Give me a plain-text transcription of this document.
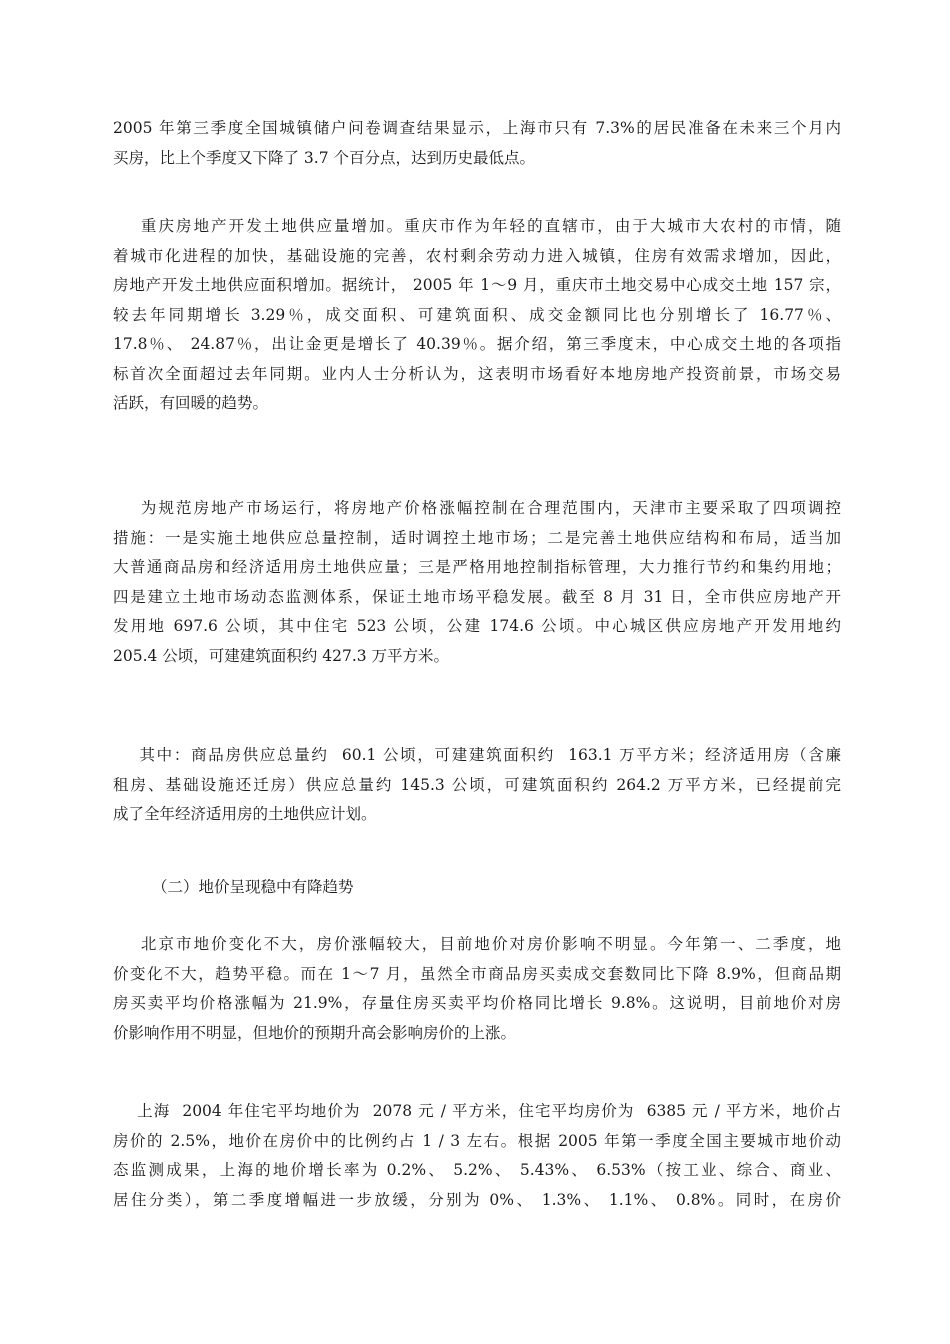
2005 年第三季度全国城镇储户问卷调查结果显示，上海市只有 7.3%的居民准备在未来三个月内
买房，比上个季度又下降了 3.7 个百分点，达到历史最低点。
重庆房地产开发土地供应量增加。重庆市作为年轻的直辖市，由于大城市大农村的市情，随
着城市化进程的加快，基础设施的完善，农村剩余劳动力进入城镇，住房有效需求增加，因此，
房地产开发土地供应面积增加。据统计， 2005 年 1～9 月，重庆市土地交易中心成交土地 157 宗，
较去年同期增长 3.29％，成交面积、可建筑面积、成交金额同比也分别增长了 16.77％、
17.8％、 24.87％，出让金更是增长了 40.39％。据介绍，第三季度末，中心成交土地的各项指
标首次全面超过去年同期。业内人士分析认为，这表明市场看好本地房地产投资前景，市场交易
活跃，有回暖的趋势。
为规范房地产市场运行，将房地产价格涨幅控制在合理范围内，天津市主要采取了四项调控
措施：一是实施土地供应总量控制，适时调控土地市场；二是完善土地供应结构和布局，适当加
大普通商品房和经济适用房土地供应量；三是严格用地控制指标管理，大力推行节约和集约用地；
四是建立土地市场动态监测体系，保证土地市场平稳发展。截至 8 月 31 日，全市供应房地产开
发用地 697.6 公顷，其中住宅 523 公顷，公建 174.6 公顷。中心城区供应房地产开发用地约
205.4 公顷，可建建筑面积约 427.3 万平方米。
其中：商品房供应总量约  60.1 公顷，可建建筑面积约  163.1 万平方米；经济适用房（含廉
租房、基础设施还迁房）供应总量约 145.3 公顷，可建筑面积约 264.2 万平方米，已经提前完
成了全年经济适用房的土地供应计划。

（二）地价呈现稳中有降趋势

北京市地价变化不大，房价涨幅较大，目前地价对房价影响不明显。今年第一、二季度，地
价变化不大，趋势平稳。而在 1～7 月，虽然全市商品房买卖成交套数同比下降 8.9%，但商品期
房买卖平均价格涨幅为 21.9%，存量住房买卖平均价格同比增长 9.8%。这说明，目前地价对房
价影响作用不明显，但地价的预期升高会影响房价的上涨。
上海  2004 年住宅平均地价为  2078 元 / 平方米，住宅平均房价为  6385 元 / 平方米，地价占
房价的 2.5%，地价在房价中的比例约占 1 / 3 左右。根据 2005 年第一季度全国主要城市地价动
态监测成果，上海的地价增长率为 0.2%、 5.2%、 5.43%、 6.53%（按工业、综合、商业、
居住分类），第二季度增幅进一步放缓，分别为 0%、 1.3%、 1.1%、 0.8%。同时，在房价
